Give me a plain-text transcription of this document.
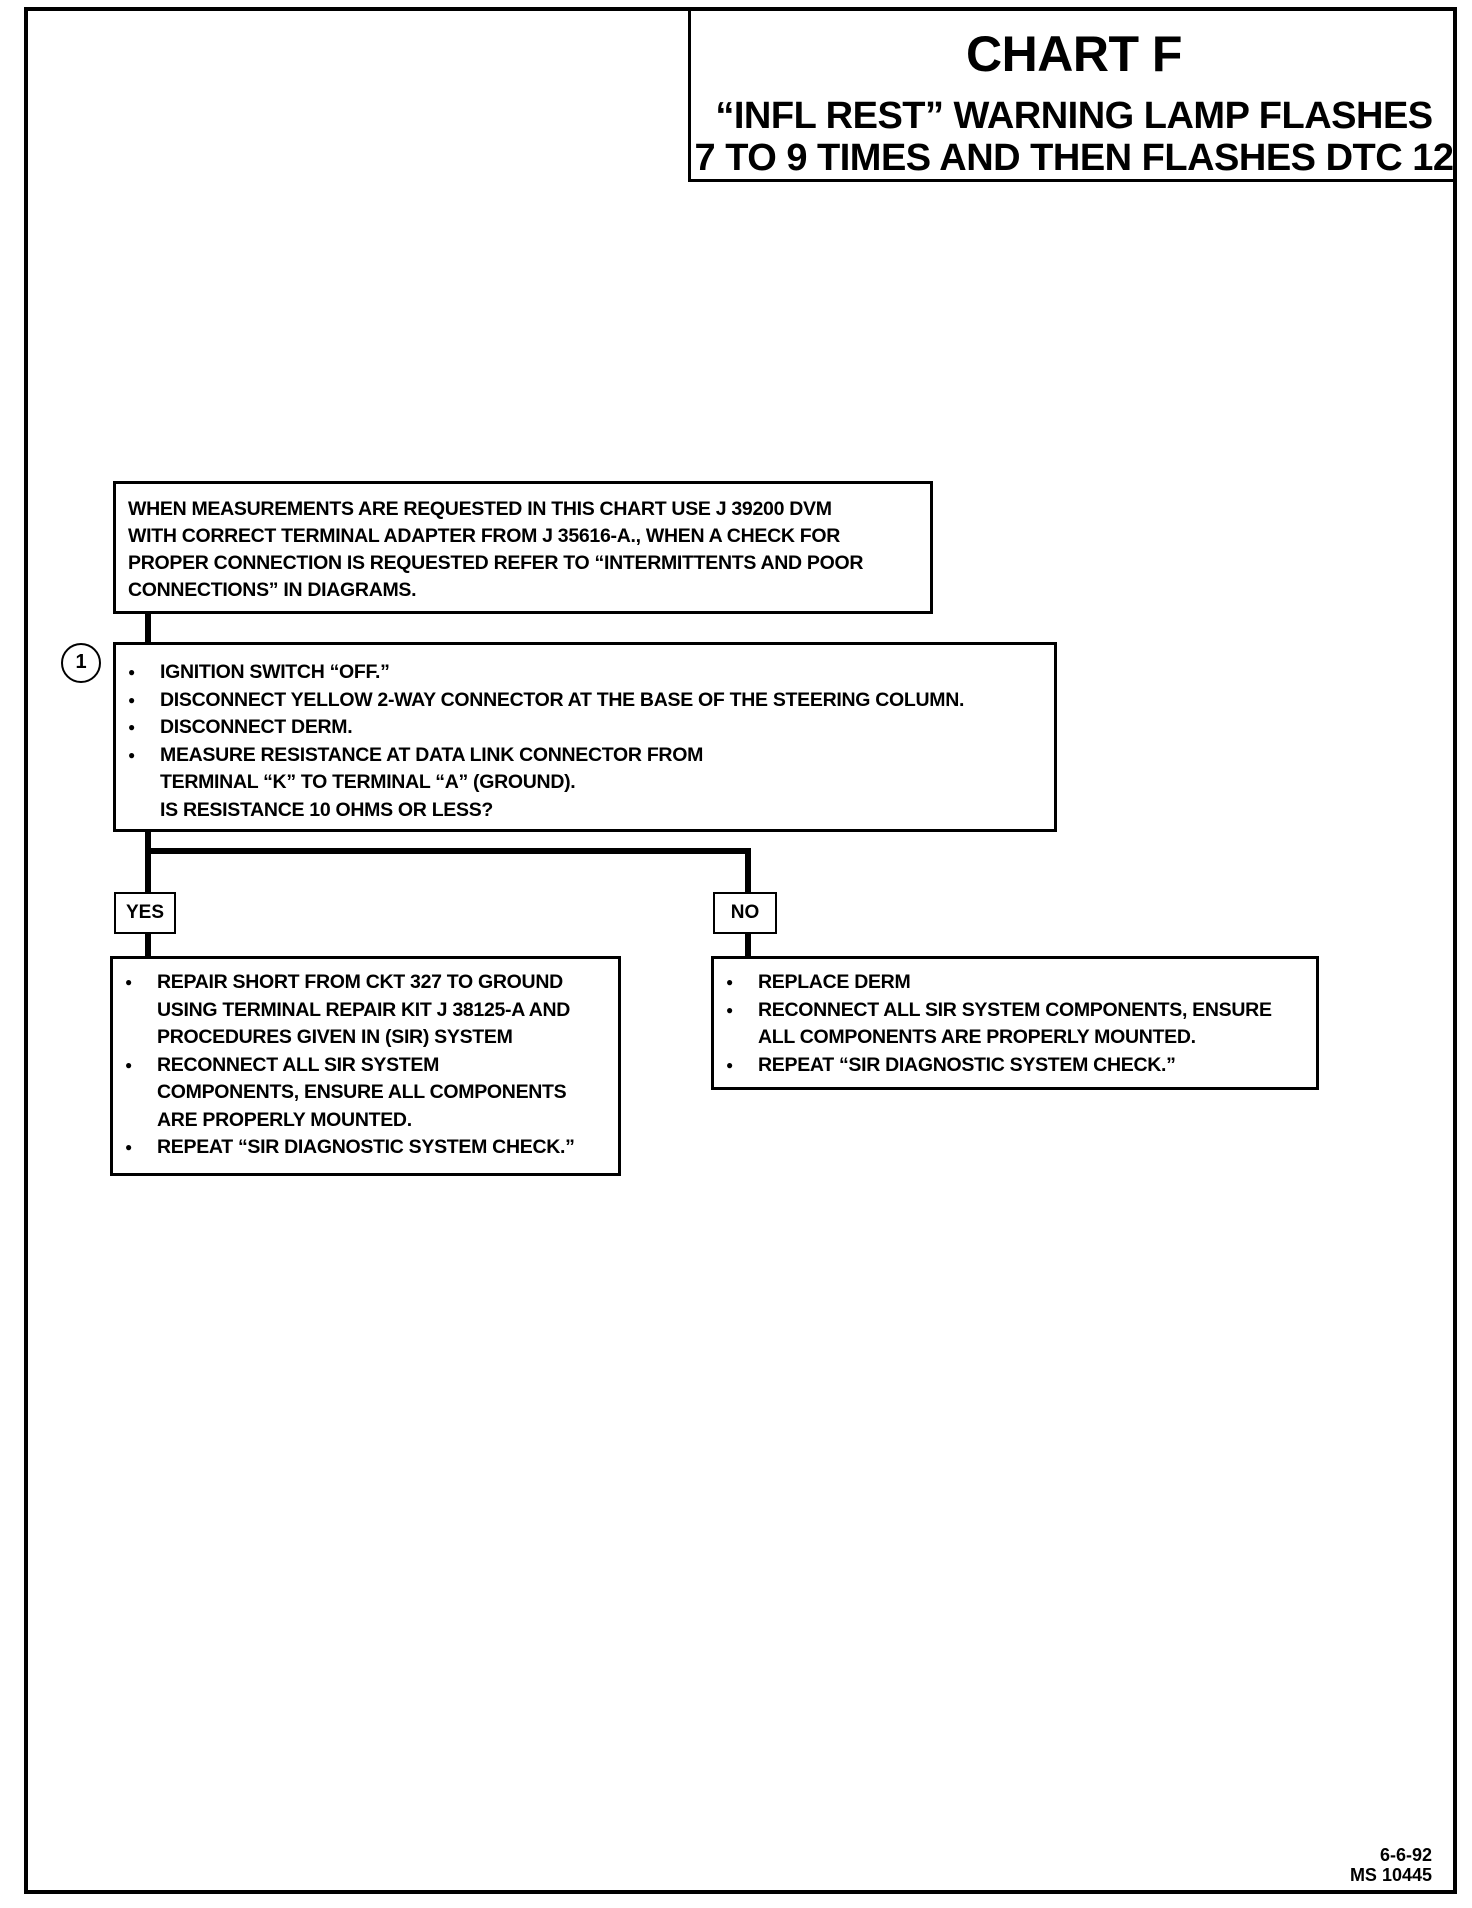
CHART F
“INFL REST” WARNING LAMP FLASHES
7 TO 9 TIMES AND THEN FLASHES DTC 12

WHEN MEASUREMENTS ARE REQUESTED IN THIS CHART USE J 39200 DVM

WITH CORRECT TERMINAL ADAPTER FROM J 35616-A., WHEN A CHECK FOR

PROPER CONNECTION IS REQUESTED REFER TO “INTERMITTENTS AND POOR

CONNECTIONS” IN DIAGRAMS.

1
●	IGNITION SWITCH “OFF.”
● DISCONNECT YELLOW 2-WAY CONNECTOR AT THE BASE OF THE STEERING COLUMN.
● DISCONNECT DERM.
● MEASURE RESISTANCE AT DATA LINK CONNECTOR FROM TERMINAL “K” TO TERMINAL “A” (GROUND).
IS RESISTANCE 10 OHMS OR LESS?
YES	NO
● REPAIR SHORT FROM CKT 327 TO GROUND USING TERMINAL REPAIR KIT J 38125-A AND PROCEDURES GIVEN IN (SIR) SYSTEM
● RECONNECT ALL SIR SYSTEM COMPONENTS, ENSURE ALL COMPONENTS ARE PROPERLY MOUNTED.
● REPEAT “SIR DIAGNOSTIC SYSTEM CHECK.”
● REPLACE DERM
● RECONNECT ALL SIR SYSTEM COMPONENTS, ENSURE ALL COMPONENTS ARE PROPERLY MOUNTED.
● REPEAT “SIR DIAGNOSTIC SYSTEM CHECK.”
6-6-92
MS 10445
